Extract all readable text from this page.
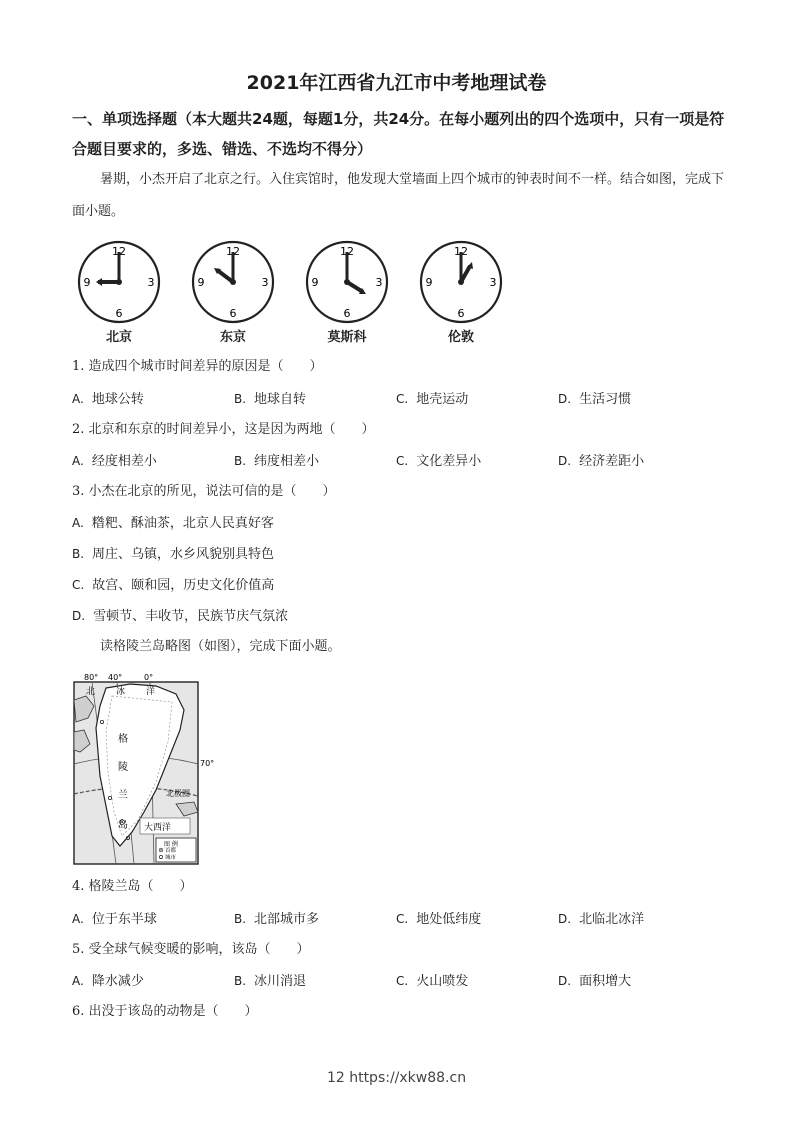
2021年江西省九江市中考地理试卷
一、单项选择题（本大题共24题，每题1分，共24分。在每小题列出的四个选项中，只有一项是符合题目要求的，多选、错选、不选均不得分）
暑期，小杰开启了北京之行。入住宾馆时，他发现大堂墙面上四个城市的钟表时间不一样。结合如图，完成下面小题。
12
3
6
9
北京
12
3
6
9
东京
12
3
6
9
莫斯科
12
3
6
9
伦敦
1. 造成四个城市时间差异的原因是（　　）
A. 地球公转	B. 地球自转	C. 地壳运动	D. 生活习惯
2. 北京和东京的时间差异小，这是因为两地（　　）
A. 经度相差小	B. 纬度相差小	C. 文化差异小	D. 经济差距小
3. 小杰在北京的所见，说法可信的是（　　）
A. 糌粑、酥油茶，北京人民真好客
B. 周庄、乌镇，水乡风貌别具特色
C. 故宫、颐和园，历史文化价值高
D. 雪顿节、丰收节，民族节庆气氛浓
读格陵兰岛略图（如图），完成下面小题。
80° 40°	0°
70°
北 冰 洋
格
陵
兰
岛
北极圈
大西洋
图 例
首都
城市
4. 格陵兰岛（　　）
A. 位于东半球	B. 北部城市多	C. 地处低纬度	D. 北临北冰洋
5. 受全球气候变暖的影响，该岛（　　）
A. 降水减少	B. 冰川消退	C. 火山喷发	D. 面积增大
6. 出没于该岛的动物是（　　）
12 https://xkw88.cn
